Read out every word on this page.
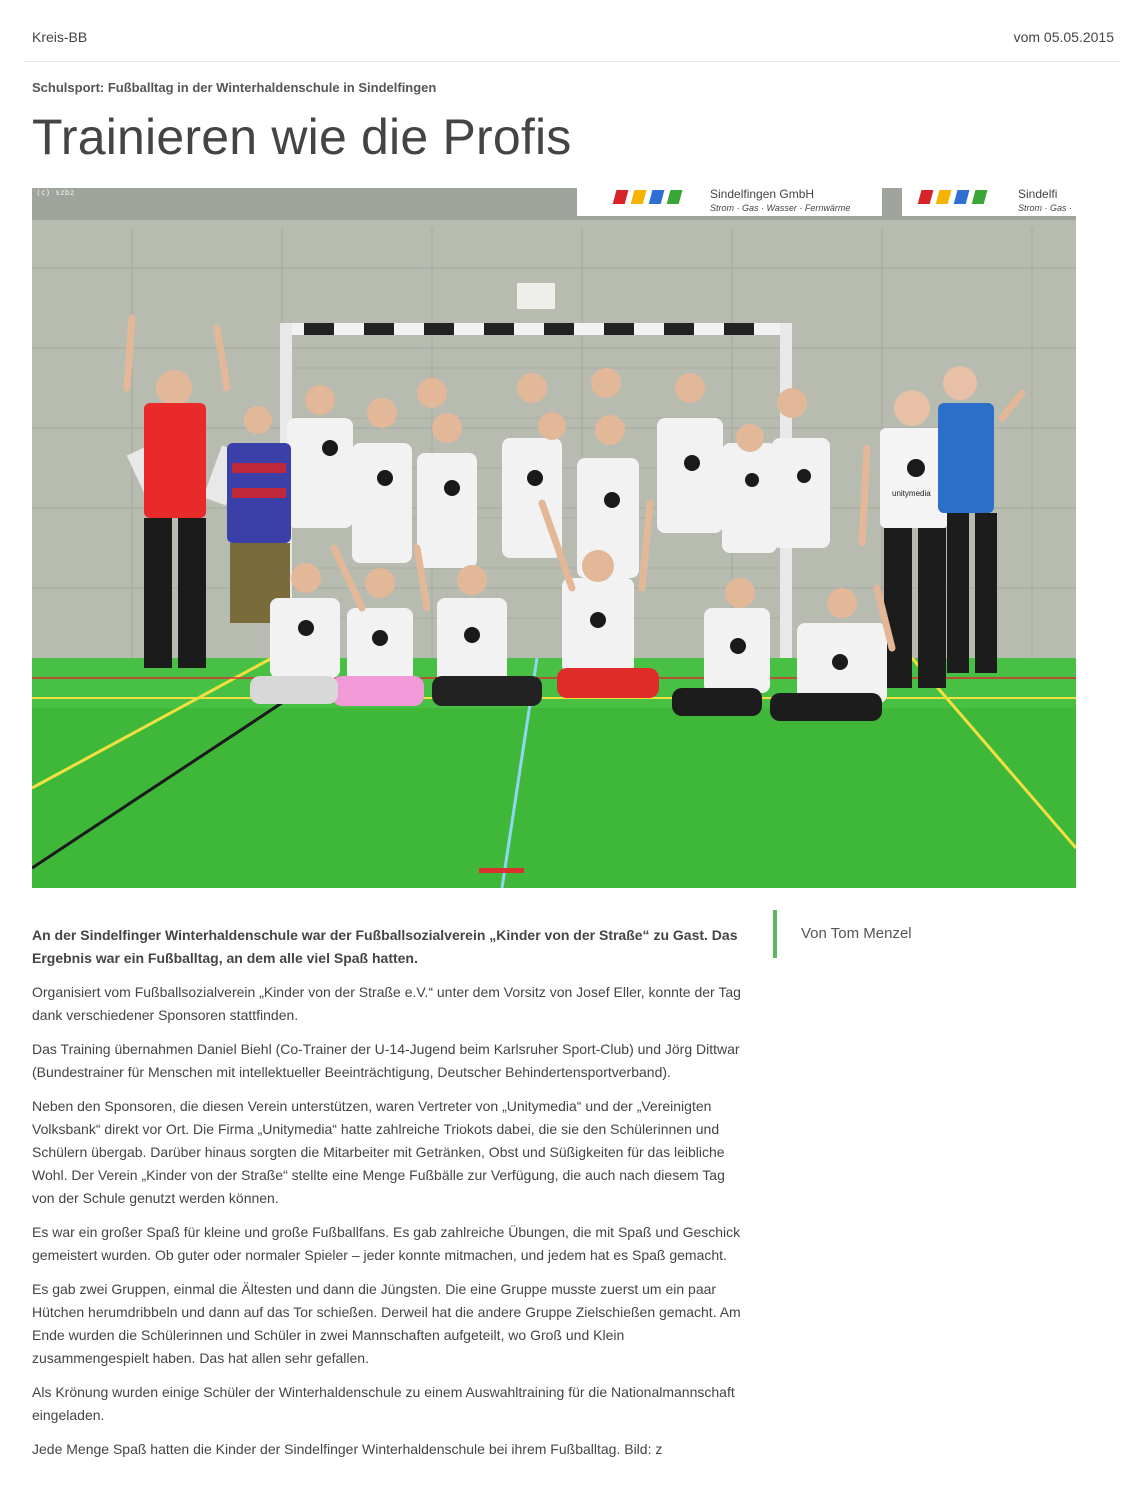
Kreis-BB	vom 05.05.2015
Schulsport: Fußballtag in der Winterhaldenschule in Sindelfingen
Trainieren wie die Profis
Sindelfingen GmbH
Strom · Gas · Wasser · Fernwärme
Sindelfi
Strom · Gas ·
unitymedia
(c) szbz

An der Sindelfinger Winterhaldenschule war der Fußballsozialverein „Kinder von der Straße“ zu Gast. Das Ergebnis war ein Fußballtag, an dem alle viel Spaß hatten.

Organisiert vom Fußballsozialverein „Kinder von der Straße e.V.“ unter dem Vorsitz von Josef Eller, konnte der Tag dank verschiedener Sponsoren stattfinden.

Das Training übernahmen Daniel Biehl (Co-Trainer der U-14-Jugend beim Karlsruher Sport-Club) und Jörg Dittwar (Bundestrainer für Menschen mit intellektueller Beeinträchtigung, Deutscher Behindertensportverband).

Neben den Sponsoren, die diesen Verein unterstützen, waren Vertreter von „Unitymedia“ und der „Vereinigten Volksbank“ direkt vor Ort. Die Firma „Unitymedia“ hatte zahlreiche Triokots dabei, die sie den Schülerinnen und Schülern übergab. Darüber hinaus sorgten die Mitarbeiter mit Getränken, Obst und Süßigkeiten für das leibliche Wohl. Der Verein „Kinder von der Straße“ stellte eine Menge Fußbälle zur Verfügung, die auch nach diesem Tag von der Schule genutzt werden können.

Es war ein großer Spaß für kleine und große Fußballfans. Es gab zahlreiche Übungen, die mit Spaß und Geschick gemeistert wurden. Ob guter oder normaler Spieler – jeder konnte mitmachen, und jedem hat es Spaß gemacht.

Es gab zwei Gruppen, einmal die Ältesten und dann die Jüngsten. Die eine Gruppe musste zuerst um ein paar Hütchen herumdribbeln und dann auf das Tor schießen. Derweil hat die andere Gruppe Zielschießen gemacht. Am Ende wurden die Schülerinnen und Schüler in zwei Mannschaften aufgeteilt, wo Groß und Klein zusammengespielt haben. Das hat allen sehr gefallen.

Als Krönung wurden einige Schüler der Winterhaldenschule zu einem Auswahltraining für die Nationalmannschaft eingeladen.

Jede Menge Spaß hatten die Kinder der Sindelfinger Winterhaldenschule bei ihrem Fußballtag. Bild: z

Von Tom Menzel
